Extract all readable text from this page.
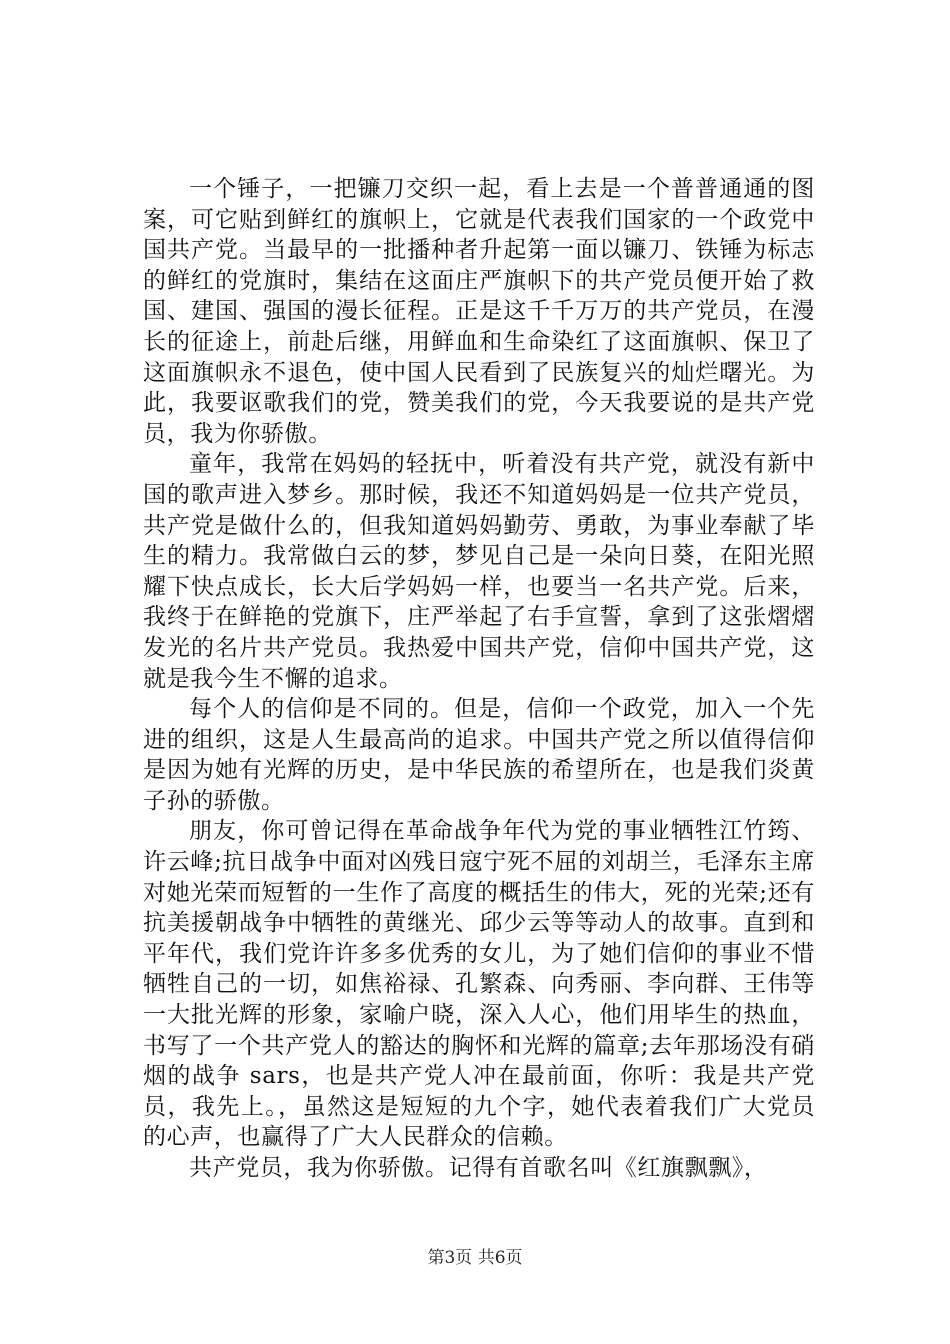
一个锤子，一把镰刀交织一起，看上去是一个普普通通的图案，可它贴到鲜红的旗帜上，它就是代表我们国家的一个政党中国共产党。当最早的一批播种者升起第一面以镰刀、铁锤为标志的鲜红的党旗时，集结在这面庄严旗帜下的共产党员便开始了救国、建国、强国的漫长征程。正是这千千万万的共产党员，在漫长的征途上，前赴后继，用鲜血和生命染红了这面旗帜、保卫了这面旗帜永不退色，使中国人民看到了民族复兴的灿烂曙光。为此，我要讴歌我们的党，赞美我们的党，今天我要说的是共产党员，我为你骄傲。

童年，我常在妈妈的轻抚中，听着没有共产党，就没有新中国的歌声进入梦乡。那时候，我还不知道妈妈是一位共产党员，共产党是做什么的，但我知道妈妈勤劳、勇敢，为事业奉献了毕生的精力。我常做白云的梦，梦见自己是一朵向日葵，在阳光照耀下快点成长，长大后学妈妈一样，也要当一名共产党。后来，我终于在鲜艳的党旗下，庄严举起了右手宣誓，拿到了这张熠熠发光的名片共产党员。我热爱中国共产党，信仰中国共产党，这就是我今生不懈的追求。

每个人的信仰是不同的。但是，信仰一个政党，加入一个先进的组织，这是人生最高尚的追求。中国共产党之所以值得信仰是因为她有光辉的历史，是中华民族的希望所在，也是我们炎黄子孙的骄傲。

朋友，你可曾记得在革命战争年代为党的事业牺牲江竹筠、许云峰;抗日战争中面对凶残日寇宁死不屈的刘胡兰，毛泽东主席对她光荣而短暂的一生作了高度的概括生的伟大，死的光荣;还有抗美援朝战争中牺牲的黄继光、邱少云等等动人的故事。直到和平年代，我们党许许多多优秀的女儿，为了她们信仰的事业不惜牺牲自己的一切，如焦裕禄、孔繁森、向秀丽、李向群、王伟等一大批光辉的形象，家喻户晓，深入人心，他们用毕生的热血，书写了一个共产党人的豁达的胸怀和光辉的篇章;去年那场没有硝烟的战争 sars，也是共产党人冲在最前面，你听：我是共产党员，我先上。，虽然这是短短的九个字，她代表着我们广大党员的心声，也赢得了广大人民群众的信赖。

共产党员，我为你骄傲。记得有首歌名叫《红旗飘飘》，

第3页 共6页
